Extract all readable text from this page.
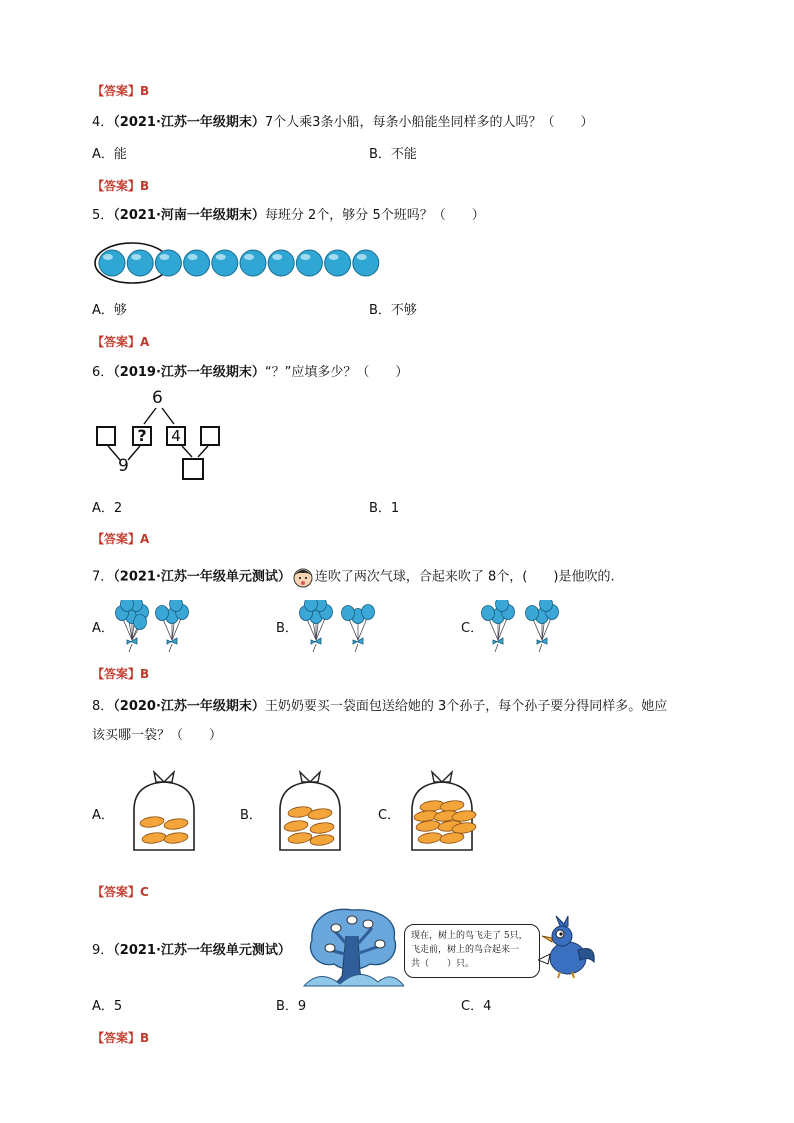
【答案】B
4．（2021·江苏一年级期末）7个人乘3条小船，每条小船能坐同样多的人吗？（　　）
A．能	B．不能
【答案】B
5．（2021·河南一年级期末）每班分 2个，够分 5个班吗？（　　）
A．够	B．不够
【答案】A
6．（2019·江苏一年级期末）“？”应填多少？（　　）
6
?	4
9
A．2	B．1
【答案】A
7．（2021·江苏一年级单元测试） 连吹了两次气球，合起来吹了 8个，(　　)是他吹的.
A．	B．	C．
【答案】B
8．（2020·江苏一年级期末）王奶奶要买一袋面包送给她的 3个孙子，每个孙子要分得同样多。她应
该买哪一袋？（　　）
A．	B．	C．
【答案】C
9．（2021·江苏一年级单元测试）
现在，树上的鸟飞走了 5只，
飞走前，树上的鸟合起来一
共（　　）只。
A．5	B．9	C．4
【答案】B
